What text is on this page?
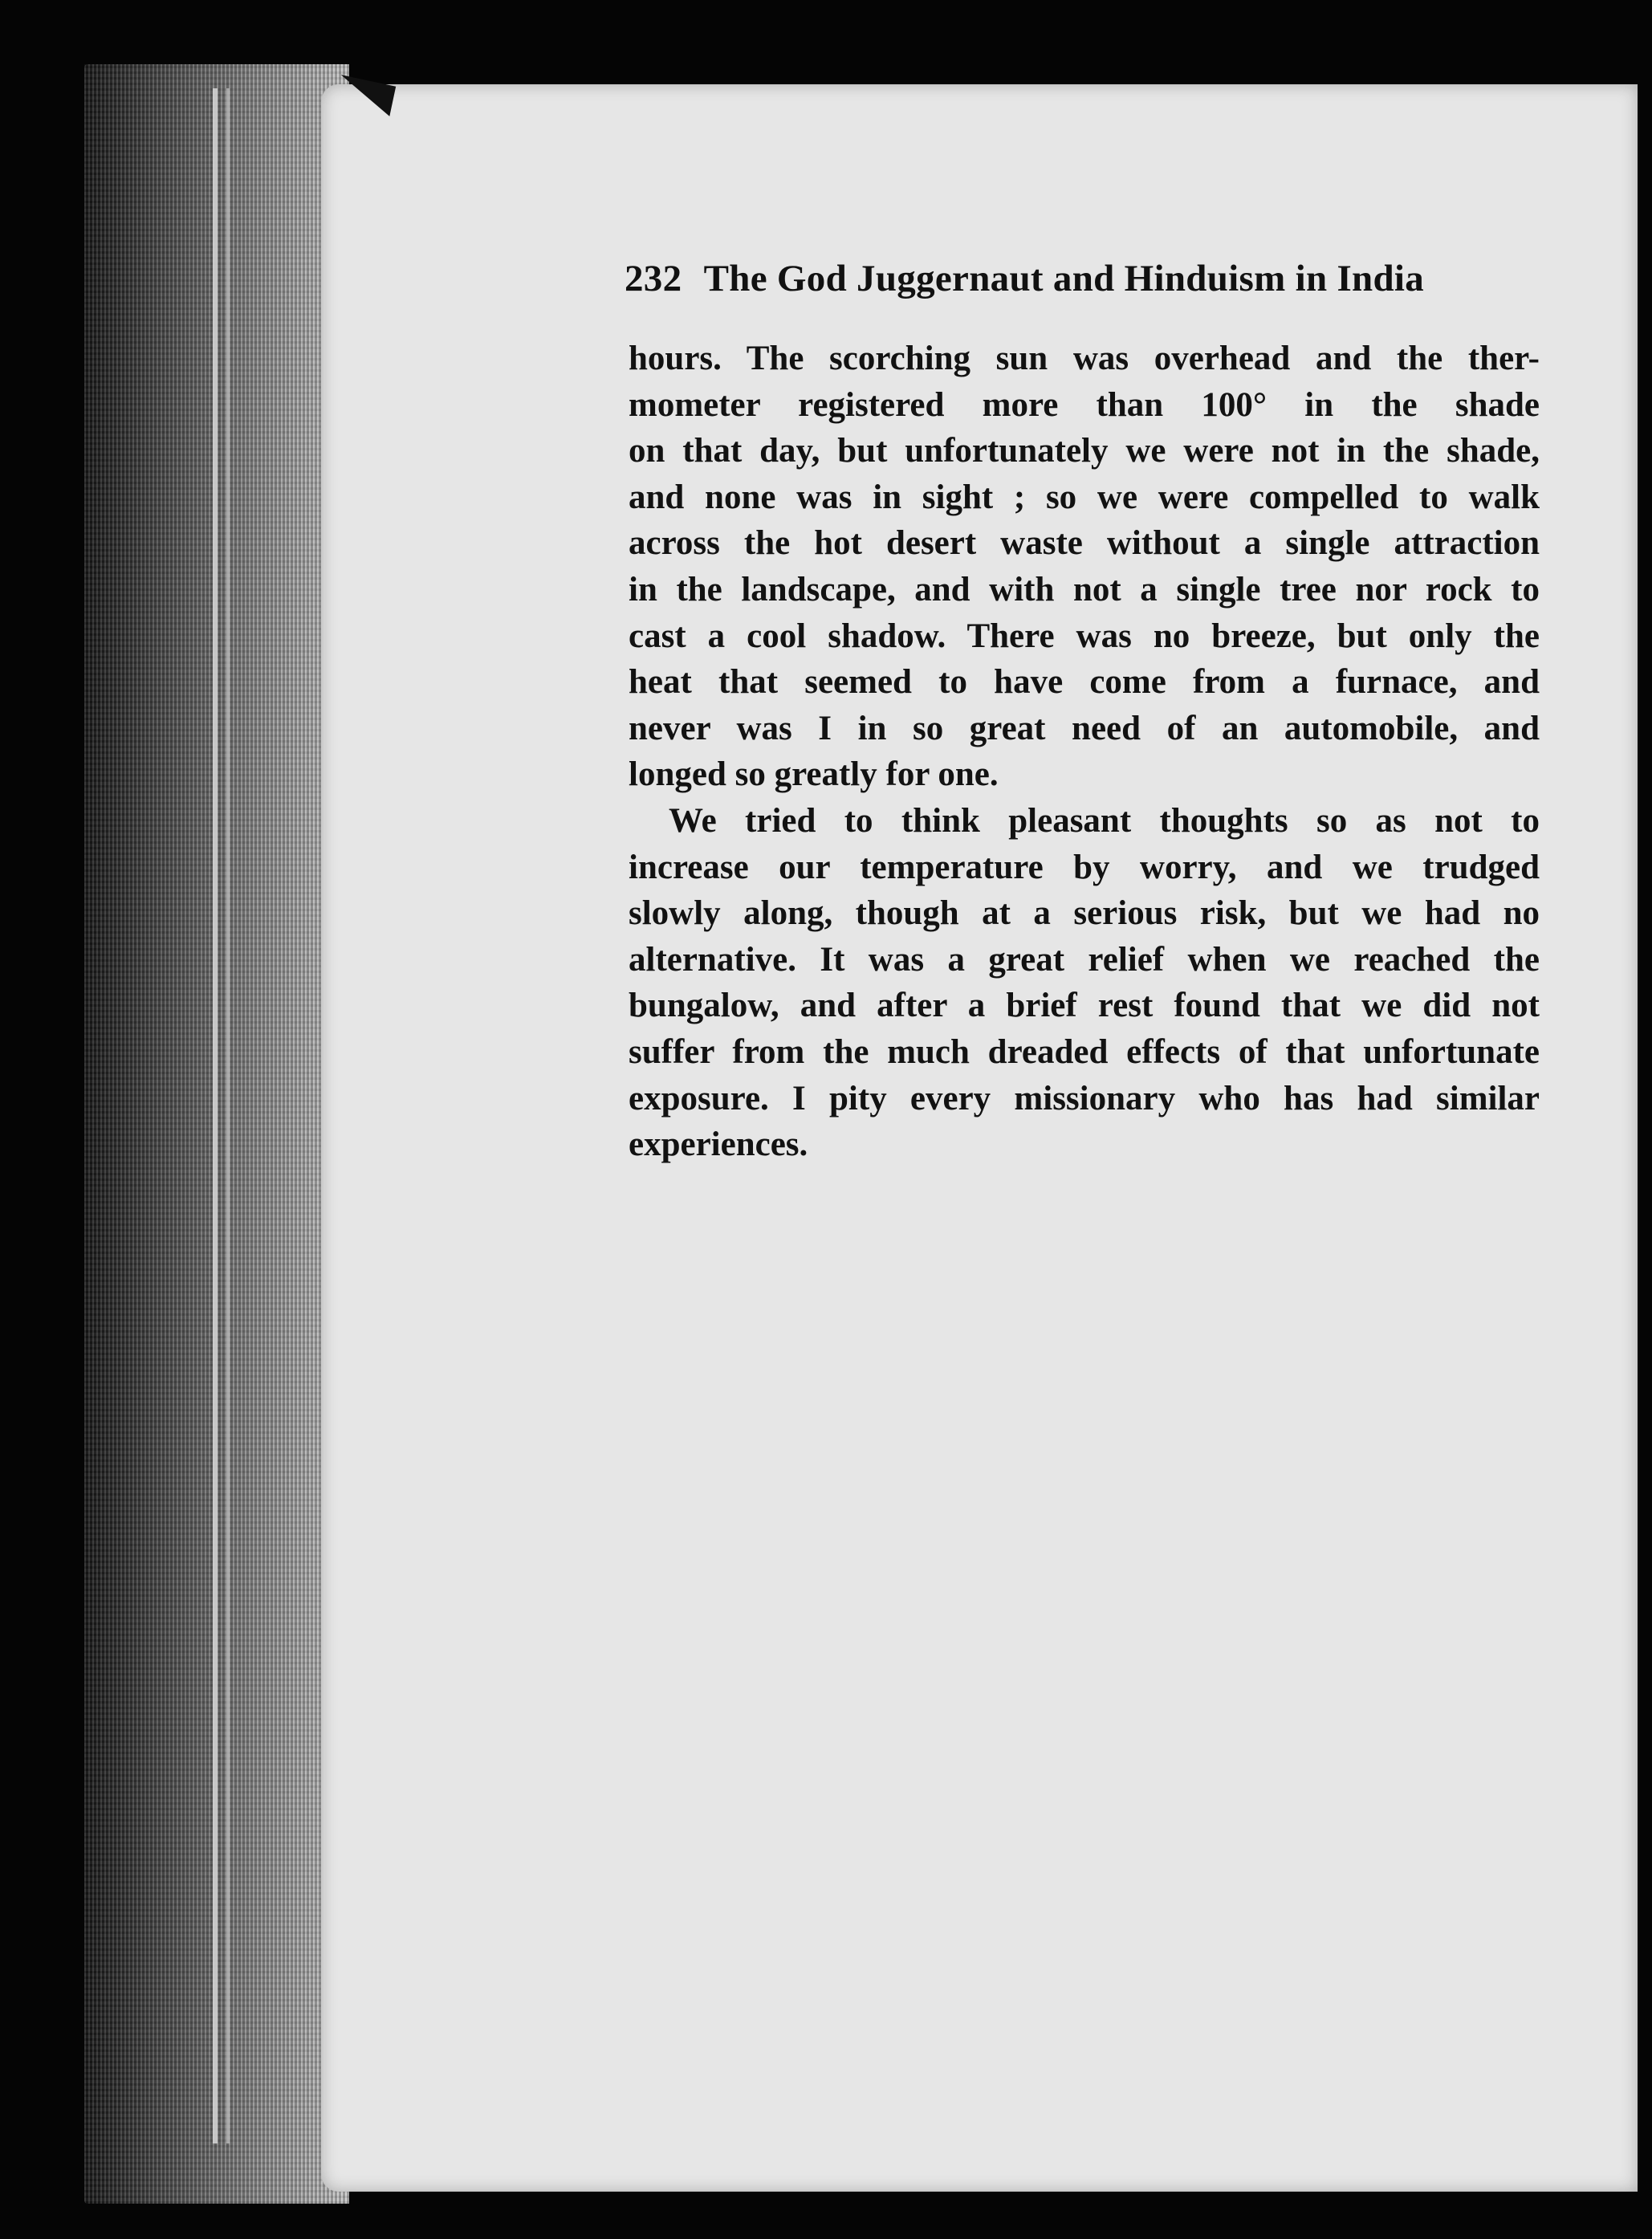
232 The God Juggernaut and Hinduism in India
hours. The scorching sun was overhead and the ther-
mometer registered more than 100° in the shade
on that day, but unfortunately we were not in the shade,
and none was in sight ; so we were compelled to walk
across the hot desert waste without a single attraction
in the landscape, and with not a single tree nor rock to
cast a cool shadow. There was no breeze, but only the
heat that seemed to have come from a furnace, and
never was I in so great need of an automobile, and
longed so greatly for one.
We tried to think pleasant thoughts so as not to
increase our temperature by worry, and we trudged
slowly along, though at a serious risk, but we had no
alternative. It was a great relief when we reached the
bungalow, and after a brief rest found that we did not
suffer from the much dreaded effects of that unfortunate
exposure. I pity every missionary who has had similar
experiences.
